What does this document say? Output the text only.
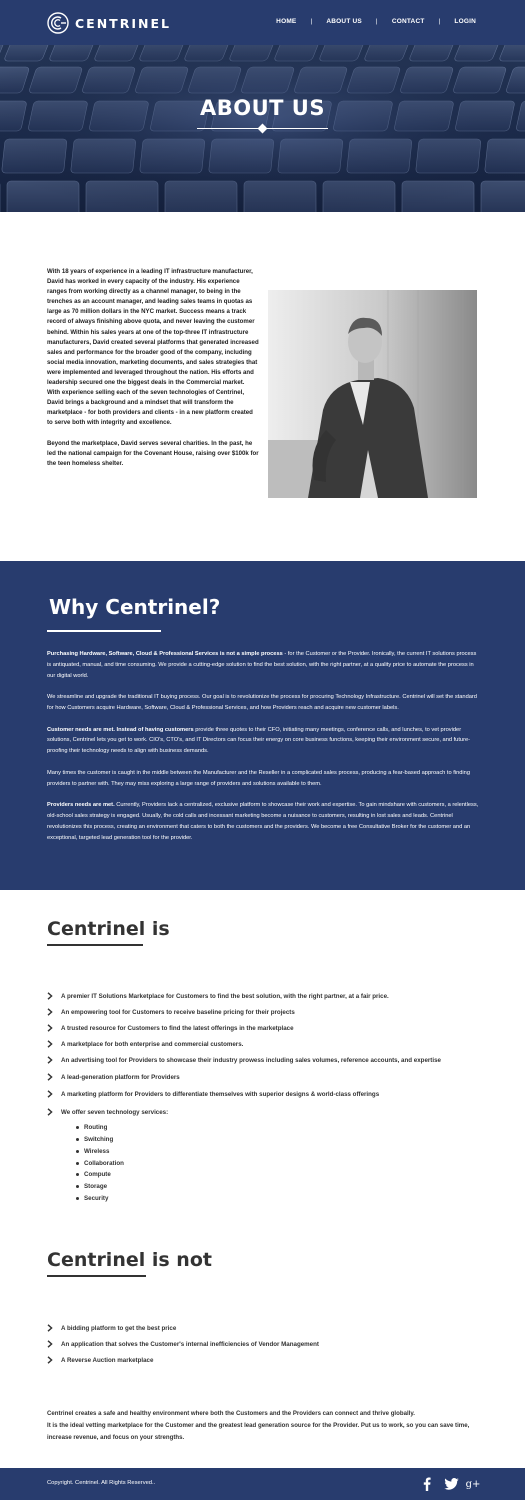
CENTRINEL	HOME | ABOUT US | CONTACT | LOGIN
ABOUT US

With 18 years of experience in a leading IT infrastructure manufacturer, David has worked in every capacity of the industry. His experience ranges from working directly as a channel manager, to being in the trenches as an account manager, and leading sales teams in quotas as large as 70 million dollars in the NYC market. Success means a track record of always finishing above quota, and never leaving the customer behind. Within his sales years at one of the top-three IT infrastructure manufacturers, David created several platforms that generated increased sales and performance for the broader good of the company, including social media innovation, marketing documents, and sales strategies that were implemented and leveraged throughout the nation. His efforts and leadership secured one the biggest deals in the Commercial market. With experience selling each of the seven technologies of Centrinel, David brings a background and a mindset that will transform the marketplace - for both providers and clients - in a new platform created to serve both with integrity and excellence.

Beyond the marketplace, David serves several charities. In the past, he led the national campaign for the Covenant House, raising over $100k for the teen homeless shelter.

Why Centrinel?

Purchasing Hardware, Software, Cloud & Professional Services is not a simple process - for the Customer or the Provider. Ironically, the current IT solutions process is antiquated, manual, and time consuming. We provide a cutting-edge solution to find the best solution, with the right partner, at a quality price to automate the process in our digital world.

We streamline and upgrade the traditional IT buying process. Our goal is to revolutionize the process for procuring Technology Infrastructure. Centrinel will set the standard for how Customers acquire Hardware, Software, Cloud & Professional Services, and how Providers reach and acquire new customer labels.

Customer needs are met. Instead of having customers provide three quotes to their CFO, initiating many meetings, conference calls, and lunches, to vet provider solutions, Centrinel lets you get to work. CIO's, CTO's, and IT Directors can focus their energy on core business functions, keeping their environment secure, and future-proofing their technology needs to align with business demands.

Many times the customer is caught in the middle between the Manufacturer and the Reseller in a complicated sales process, producing a fear-based approach to finding providers to partner with. They may miss exploring a large range of providers and solutions available to them.

Providers needs are met. Currently, Providers lack a centralized, exclusive platform to showcase their work and expertise. To gain mindshare with customers, a relentless, old-school sales strategy is engaged. Usually, the cold calls and incessant marketing become a nuisance to customers, resulting in lost sales and leads. Centrinel revolutionizes this process, creating an environment that caters to both the customers and the providers. We become a free Consultative Broker for the customer and an exceptional, targeted lead generation tool for the provider.

Centrinel is
A premier IT Solutions Marketplace for Customers to find the best solution, with the right partner, at a fair price.
An empowering tool for Customers to receive baseline pricing for their projects
A trusted resource for Customers to find the latest offerings in the marketplace
A marketplace for both enterprise and commercial customers.
An advertising tool for Providers to showcase their industry prowess including sales volumes, reference accounts, and expertise
A lead-generation platform for Providers
A marketing platform for Providers to differentiate themselves with superior designs & world-class offerings
We offer seven technology services:
Routing
Switching
Wireless
Collaboration
Compute
Storage
Security
Centrinel is not
A bidding platform to get the best price
An application that solves the Customer's internal inefficiencies of Vendor Management
A Reverse Auction marketplace
Centrinel creates a safe and healthy environment where both the Customers and the Providers can connect and thrive globally.
It is the ideal vetting marketplace for the Customer and the greatest lead generation source for the Provider. Put us to work, so you can save time, increase revenue, and focus on your strengths.
Copyright. Centrinel. All Rights Reserved..	g+
